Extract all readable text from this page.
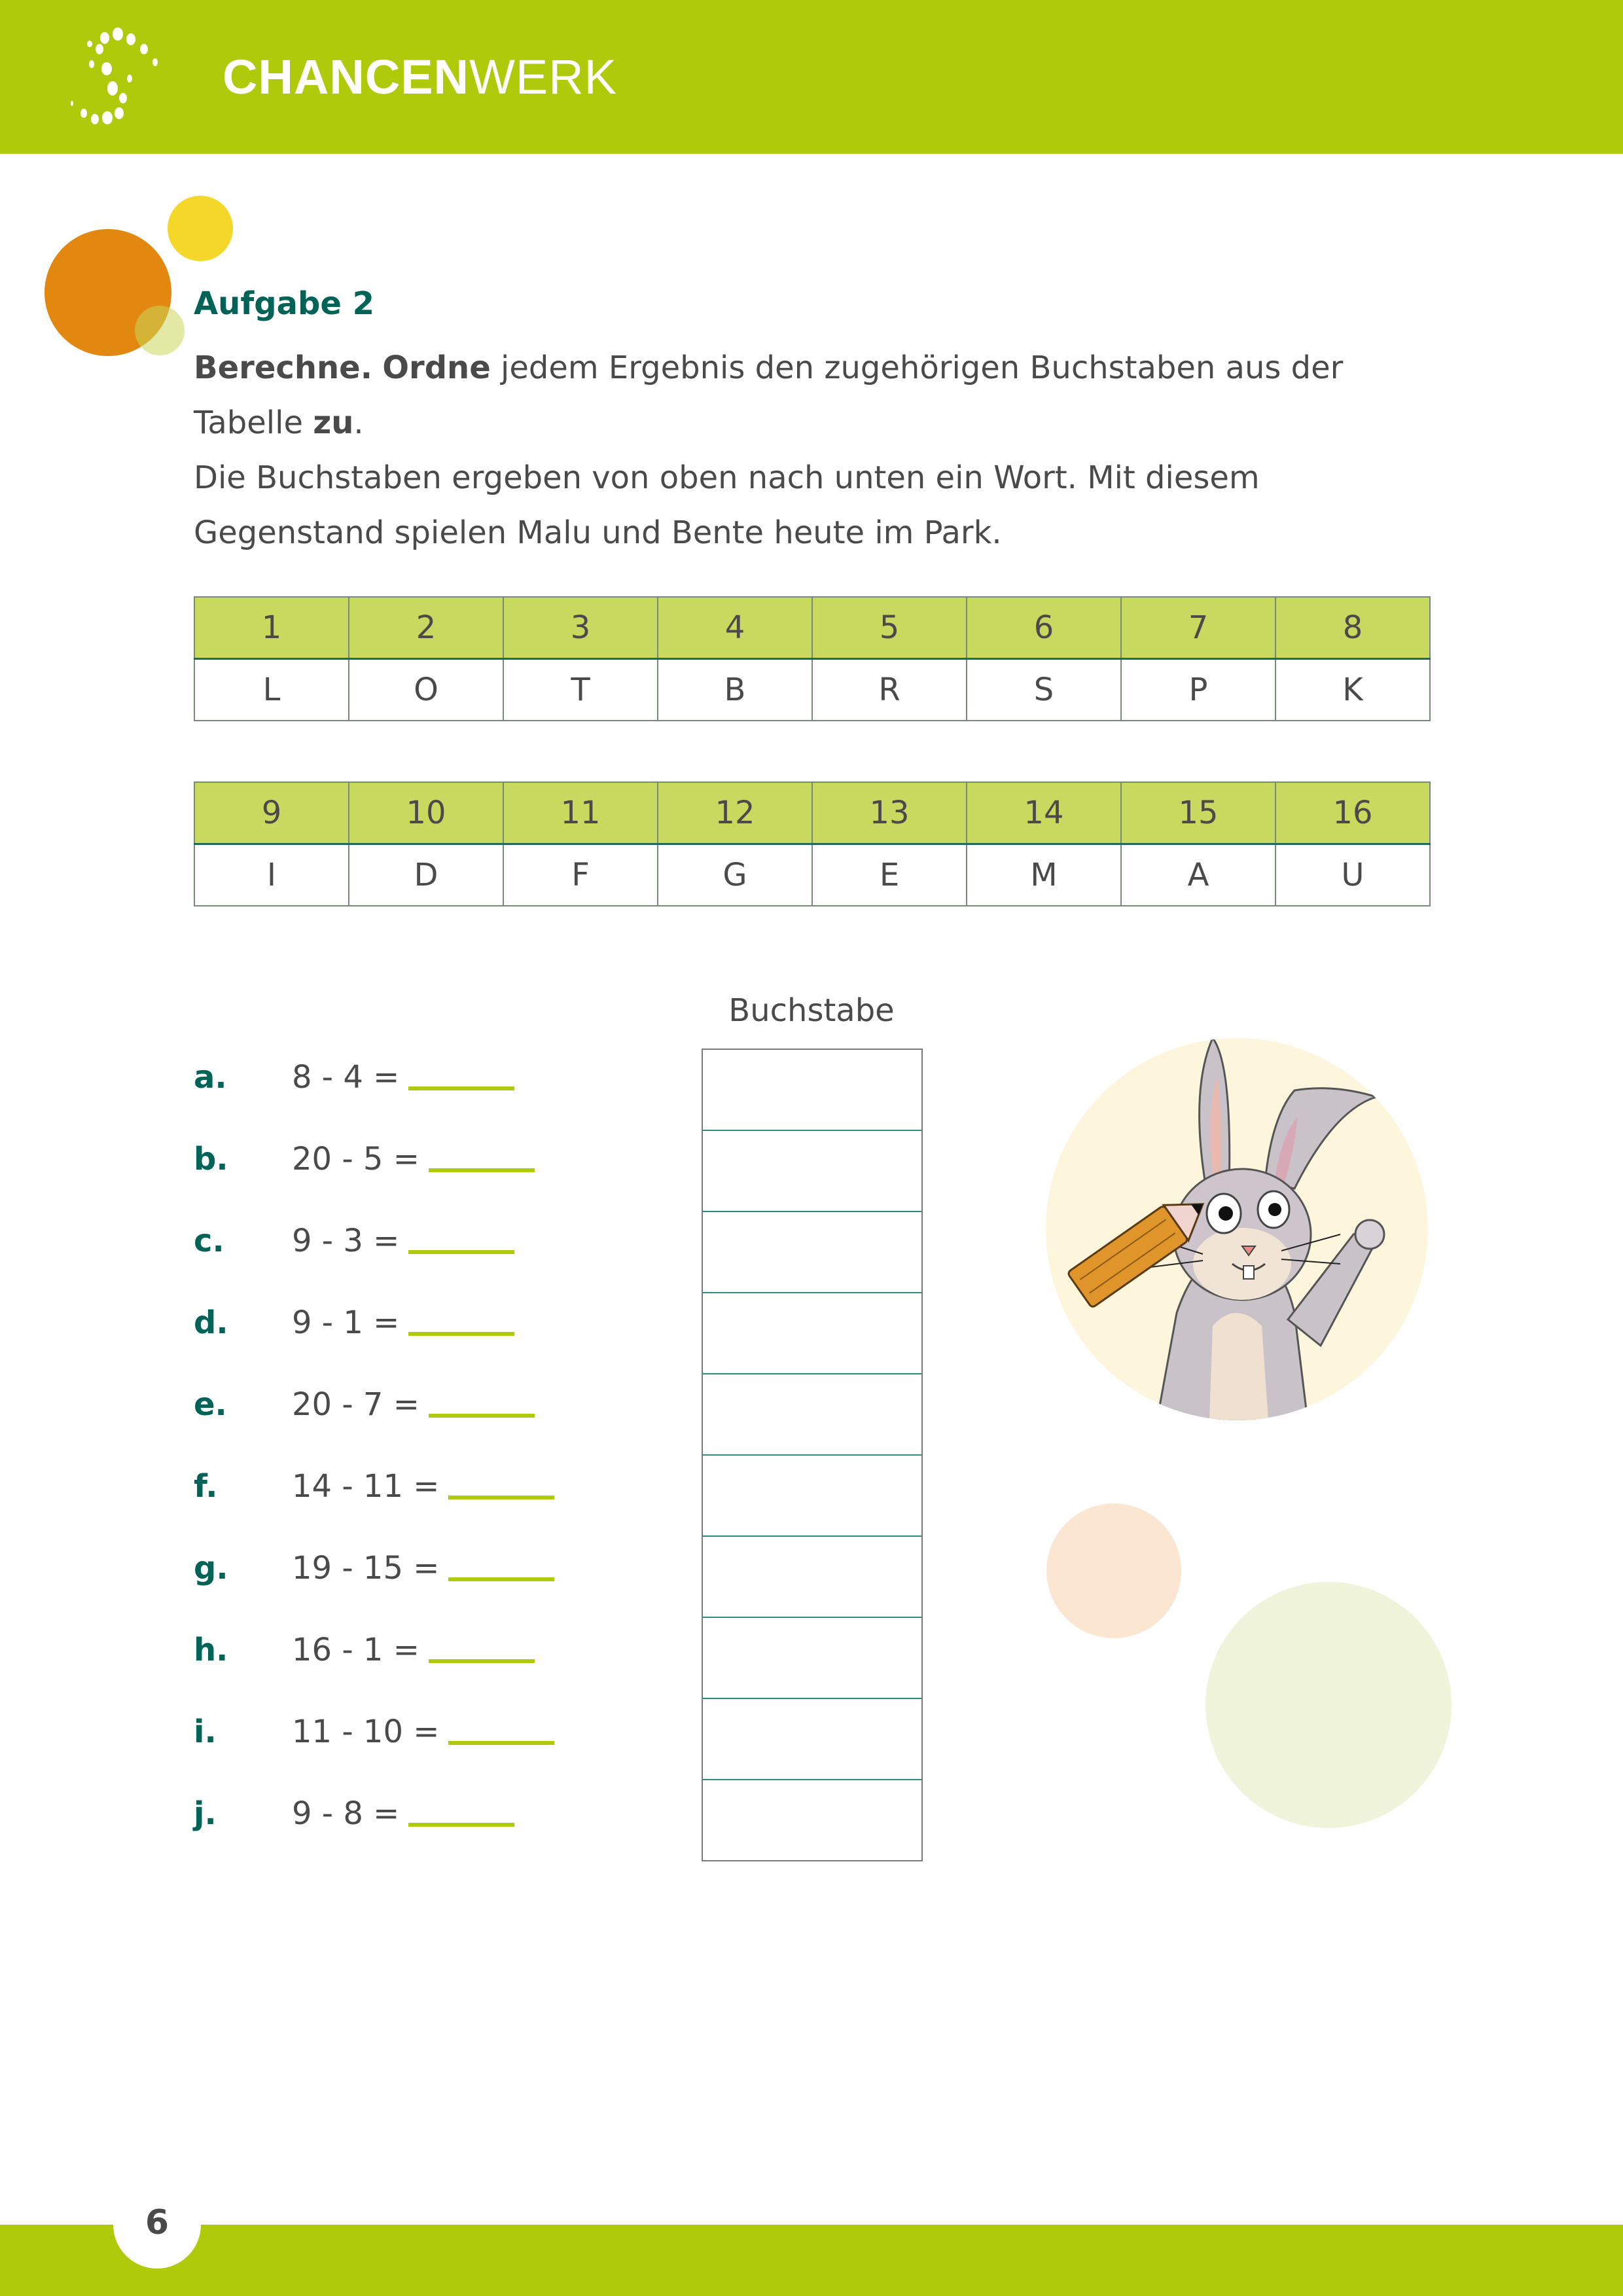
CHANCENWERK
Aufgabe 2
Berechne. Ordne jedem Ergebnis den zugehörigen Buchstaben aus der
Tabelle zu.
Die Buchstaben ergeben von oben nach unten ein Wort. Mit diesem
Gegenstand spielen Malu und Bente heute im Park.
1	2	3	4	5	6	7	8
L	O	T	B	R	S	P	K
9	10	11	12	13	14	15	16
I	D	F	G	E	M	A	U
Buchstabe
a. 8 - 4 =
b. 20 - 5 =
c. 9 - 3 =
d. 9 - 1 =
e. 20 - 7 =
f. 14 - 11 =
g. 19 - 15 =
h. 16 - 1 =
i. 11 - 10 =
j. 9 - 8 =
6
